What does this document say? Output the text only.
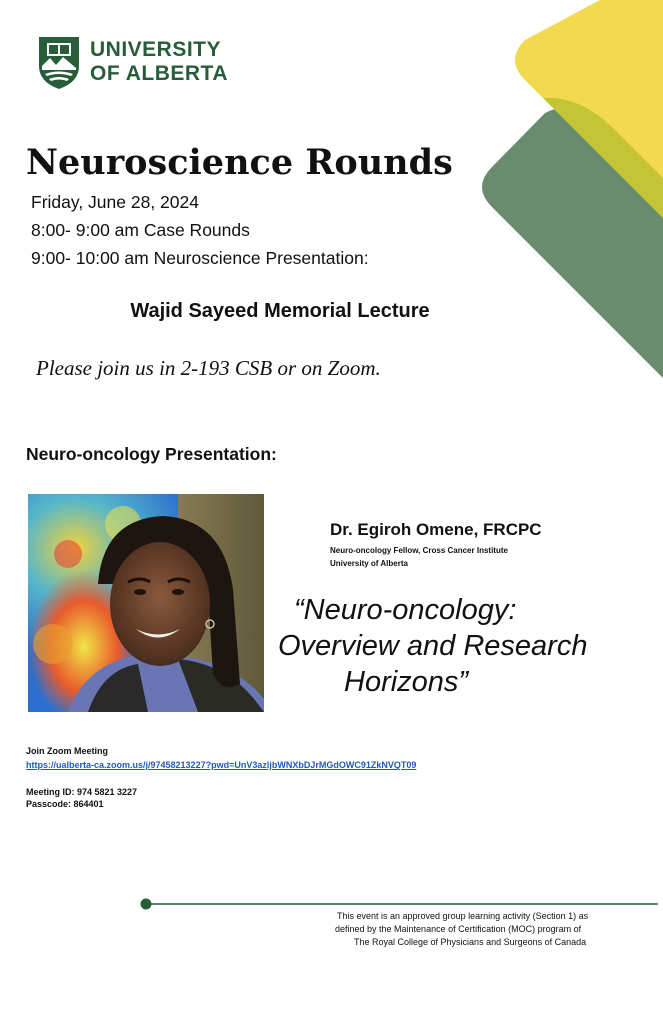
UNIVERSITY
OF ALBERTA
Neuroscience Rounds
Friday, June 28, 2024
8:00- 9:00 am Case Rounds
9:00- 10:00 am Neuroscience Presentation:
Wajid Sayeed Memorial Lecture
Please join us in 2-193 CSB or on Zoom.
Neuro-oncology Presentation:
Dr. Egiroh Omene, FRCPC
Neuro-oncology Fellow, Cross Cancer Institute
University of Alberta
“Neuro-oncology:
Overview and Research
Horizons”
Join Zoom Meeting
https://ualberta-ca.zoom.us/j/97458213227?pwd=UnV3azljbWNXbDJrMGdOWC91ZkNVQT09
Meeting ID: 974 5821 3227
Passcode: 864401
This event is an approved group learning activity (Section 1) as
defined by the Maintenance of Certification (MOC) program of
The Royal College of Physicians and Surgeons of Canada
